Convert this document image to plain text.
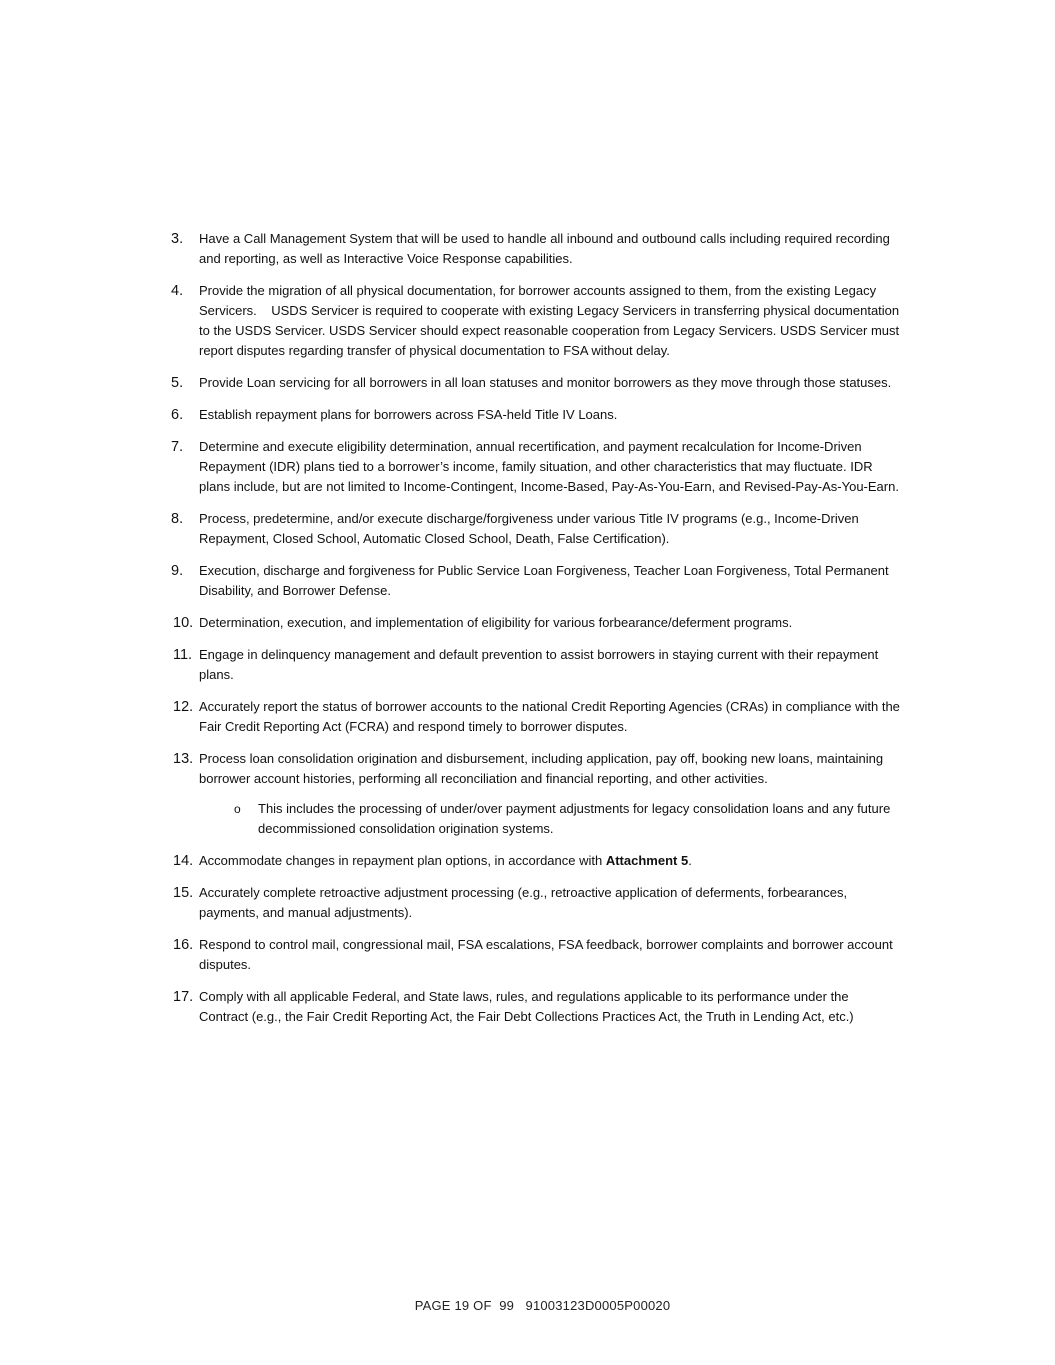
3.	Have a Call Management System that will be used to handle all inbound and outbound calls including required recording and reporting, as well as Interactive Voice Response capabilities.
4.	Provide the migration of all physical documentation, for borrower accounts assigned to them, from the existing Legacy Servicers.    USDS Servicer is required to cooperate with existing Legacy Servicers in transferring physical documentation to the USDS Servicer. USDS Servicer should expect reasonable cooperation from Legacy Servicers. USDS Servicer must report disputes regarding transfer of physical documentation to FSA without delay.
5.	Provide Loan servicing for all borrowers in all loan statuses and monitor borrowers as they move through those statuses.
6.	Establish repayment plans for borrowers across FSA-held Title IV Loans.
7.	Determine and execute eligibility determination, annual recertification, and payment recalculation for Income-Driven Repayment (IDR) plans tied to a borrower’s income, family situation, and other characteristics that may fluctuate. IDR plans include, but are not limited to Income-Contingent, Income-Based, Pay-As-You-Earn, and Revised-Pay-As-You-Earn.
8.	Process, predetermine, and/or execute discharge/forgiveness under various Title IV programs (e.g., Income-Driven Repayment, Closed School, Automatic Closed School, Death, False Certification).
9.	Execution, discharge and forgiveness for Public Service Loan Forgiveness, Teacher Loan Forgiveness, Total Permanent Disability, and Borrower Defense.
10. Determination, execution, and implementation of eligibility for various forbearance/deferment programs.
11. Engage in delinquency management and default prevention to assist borrowers in staying current with their repayment plans.
12. Accurately report the status of borrower accounts to the national Credit Reporting Agencies (CRAs) in compliance with the Fair Credit Reporting Act (FCRA) and respond timely to borrower disputes.
13. Process loan consolidation origination and disbursement, including application, pay off, booking new loans, maintaining borrower account histories, performing all reconciliation and financial reporting, and other activities.
o This includes the processing of under/over payment adjustments for legacy consolidation loans and any future decommissioned consolidation origination systems.
14. Accommodate changes in repayment plan options, in accordance with Attachment 5.
15. Accurately complete retroactive adjustment processing (e.g., retroactive application of deferments, forbearances, payments, and manual adjustments).
16. Respond to control mail, congressional mail, FSA escalations, FSA feedback, borrower complaints and borrower account disputes.
17. Comply with all applicable Federal, and State laws, rules, and regulations applicable to its performance under the Contract (e.g., the Fair Credit Reporting Act, the Fair Debt Collections Practices Act, the Truth in Lending Act, etc.)
PAGE 19 OF  99   91003123D0005P00020
